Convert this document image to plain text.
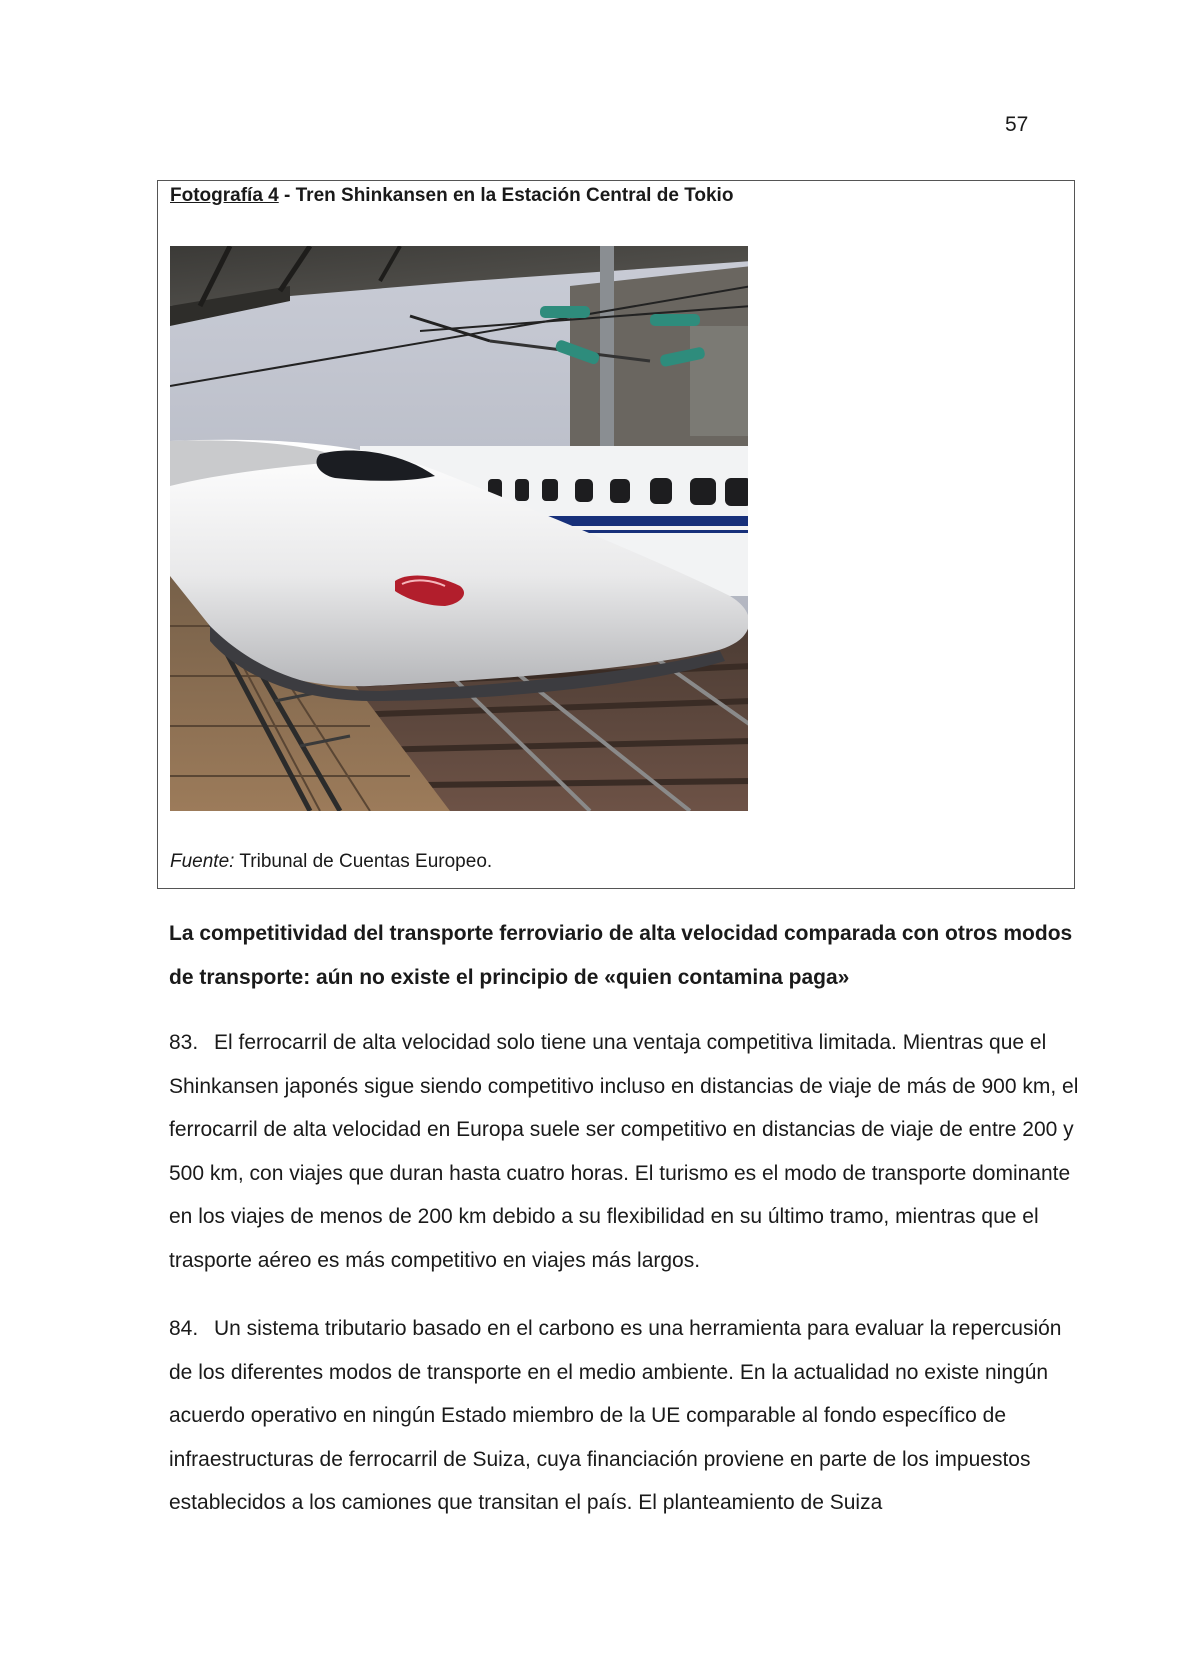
57
Fotografía 4 - Tren Shinkansen en la Estación Central de Tokio
Fuente: Tribunal de Cuentas Europeo.
La competitividad del transporte ferroviario de alta velocidad comparada con otros modos de transporte: aún no existe el principio de «quien contamina paga»

83. El ferrocarril de alta velocidad solo tiene una ventaja competitiva limitada. Mientras que el Shinkansen japonés sigue siendo competitivo incluso en distancias de viaje de más de 900 km, el ferrocarril de alta velocidad en Europa suele ser competitivo en distancias de viaje de entre 200 y 500 km, con viajes que duran hasta cuatro horas. El turismo es el modo de transporte dominante en los viajes de menos de 200 km debido a su flexibilidad en su último tramo, mientras que el trasporte aéreo es más competitivo en viajes más largos.

84. Un sistema tributario basado en el carbono es una herramienta para evaluar la repercusión de los diferentes modos de transporte en el medio ambiente. En la actualidad no existe ningún acuerdo operativo en ningún Estado miembro de la UE comparable al fondo específico de infraestructuras de ferrocarril de Suiza, cuya financiación proviene en parte de los impuestos establecidos a los camiones que transitan el país. El planteamiento de Suiza
